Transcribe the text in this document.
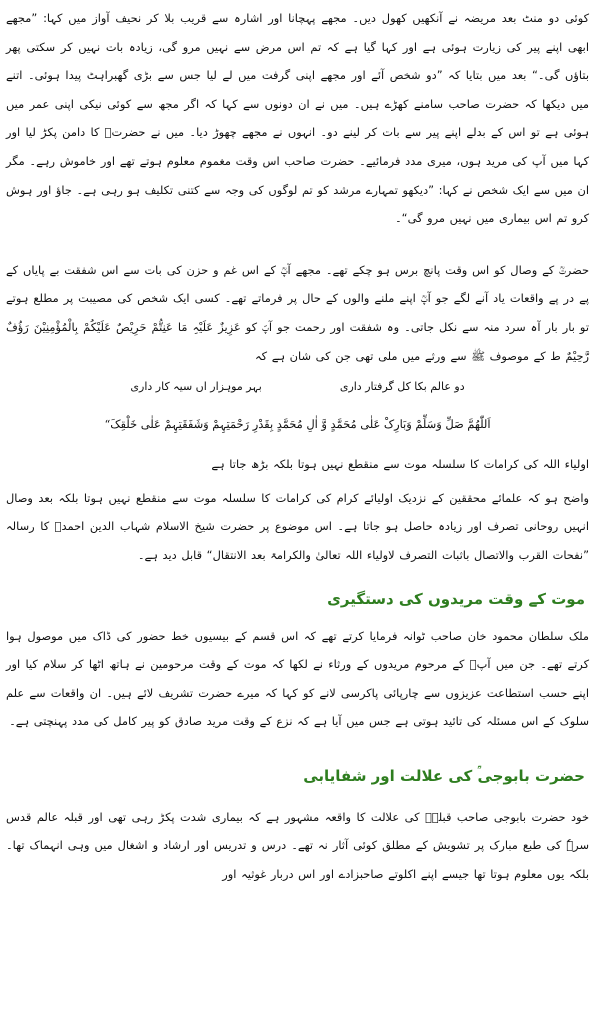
کوئی دو منٹ بعد مریضہ نے آنکھیں کھول دیں۔ مجھے پہچانا اور اشارہ سے قریب بلا کر نحیف آواز میں کہا: ”مجھے ابھی اپنے پیر کی زیارت ہوئی ہے اور کہا گیا ہے کہ تم اس مرض سے نہیں مرو گی، زیادہ بات نہیں کر سکتی پھر بتاؤں گی۔“ بعد میں بتایا کہ ”دو شخص آئے اور مجھے اپنی گرفت میں لے لیا جس سے بڑی گھبراہٹ پیدا ہوئی۔ اتنے میں دیکھا کہ حضرت صاحب سامنے کھڑے ہیں۔ میں نے ان دونوں سے کہا کہ اگر مجھ سے کوئی نیکی اپنی عمر میں ہوئی ہے تو اس کے بدلے اپنے پیر سے بات کر لینے دو۔ انہوں نے مجھے چھوڑ دیا۔ میں نے حضرتؒ کا دامن پکڑ لیا اور کہا میں آپ کی مرید ہوں، میری مدد فرمائیے۔ حضرت صاحب اس وقت مغموم معلوم ہوتے تھے اور خاموش رہے۔ مگر ان میں سے ایک شخص نے کہا: ”دیکھو تمہارے مرشد کو تم لوگوں کی وجہ سے کتنی تکلیف ہو رہی ہے۔ جاؤ اور ہوش کرو تم اس بیماری میں نہیں مرو گی“۔

حضرتؒ کے وصال کو اس وقت پانچ برس ہو چکے تھے۔ مجھے آپؒ کے اس غم و حزن کی بات سے اس شفقت بے پایاں کے پے در پے واقعات یاد آنے لگے جو آپؒ اپنے ملنے والوں کے حال پر فرماتے تھے۔ کسی ایک شخص کی مصیبت پر مطلع ہوتے تو بار بار آہ سرد منہ سے نکل جاتی۔ وہ شفقت اور رحمت جو آپؐ کو عَزِیزٌ عَلَیْہِ مَا عَنِتُّمْ حَرِیْصٌ عَلَیْکُمْ بِالْمُؤْمِنِیْنَ رَؤُفٌ رَّحِیْمٌ ط کے موصوف ﷺ سے ورثے میں ملی تھی جن کی شان ہے کہ

دو عالم بکا کل گرفتار داری
بہر موہزار اں سیہ کار داری

اَللّٰهُمَّ صَلِّ وَسَلِّمْ وَبَارِکْ عَلٰی مُحَمَّدٍ وَّ اٰلِ مُحَمَّدٍ بِقَدْرِ رَحْمَتِہِمْ وَشَفَقَتِہِمْ عَلٰی خَلْقِکَ“

اولیاء اللہ کی کرامات کا سلسلہ موت سے منقطع نہیں ہوتا بلکہ بڑھ جاتا ہے

واضح ہو کہ علمائے محققین کے نزدیک اولیائے کرام کی کرامات کا سلسلہ موت سے منقطع نہیں ہوتا بلکہ بعد وصال انہیں روحانی تصرف اور زیادہ حاصل ہو جاتا ہے۔ اس موضوع پر حضرت شیخ الاسلام شہاب الدین احمدؒ کا رسالہ ”نفحات القرب والاتصال باثبات التصرف لاولیاء اللہ تعالیٰ والکرامۃ بعد الانتقال“ قابل دید ہے۔

موت کے وقت مریدوں کی دستگیری

ملک سلطان محمود خان صاحب ٹوانہ فرمایا کرتے تھے کہ اس قسم کے بیسیوں خط حضور کی ڈاک میں موصول ہوا کرتے تھے۔ جن میں آپؒ کے مرحوم مریدوں کے ورثاء نے لکھا کہ موت کے وقت مرحومین نے ہاتھ اٹھا کر سلام کیا اور اپنے حسب استطاعت عزیزوں سے چارپائی پاکرسی لانے کو کہا کہ میرے حضرت تشریف لائے ہیں۔ ان واقعات سے علم سلوک کے اس مسئلہ کی تائید ہوتی ہے جس میں آیا ہے کہ نزع کے وقت مرید صادق کو پیر کامل کی مدد پہنچتی ہے۔

حضرت بابوجی کی علالت اور شفایابی

خود حضرت بابوجی صاحب قبلہؒ کی علالت کا واقعہ مشہور ہے کہ بیماری شدت پکڑ رہی تھی اور قبلہ عالم قدس سرہٗ کی طبع مبارک پر تشویش کے مطلق کوئی آثار نہ تھے۔ درس و تدریس اور ارشاد و اشغال میں وہی انہماک تھا۔ بلکہ یوں معلوم ہوتا تھا جیسے اپنے اکلوتے صاحبزادے اور اس دربار غوثیہ اور
